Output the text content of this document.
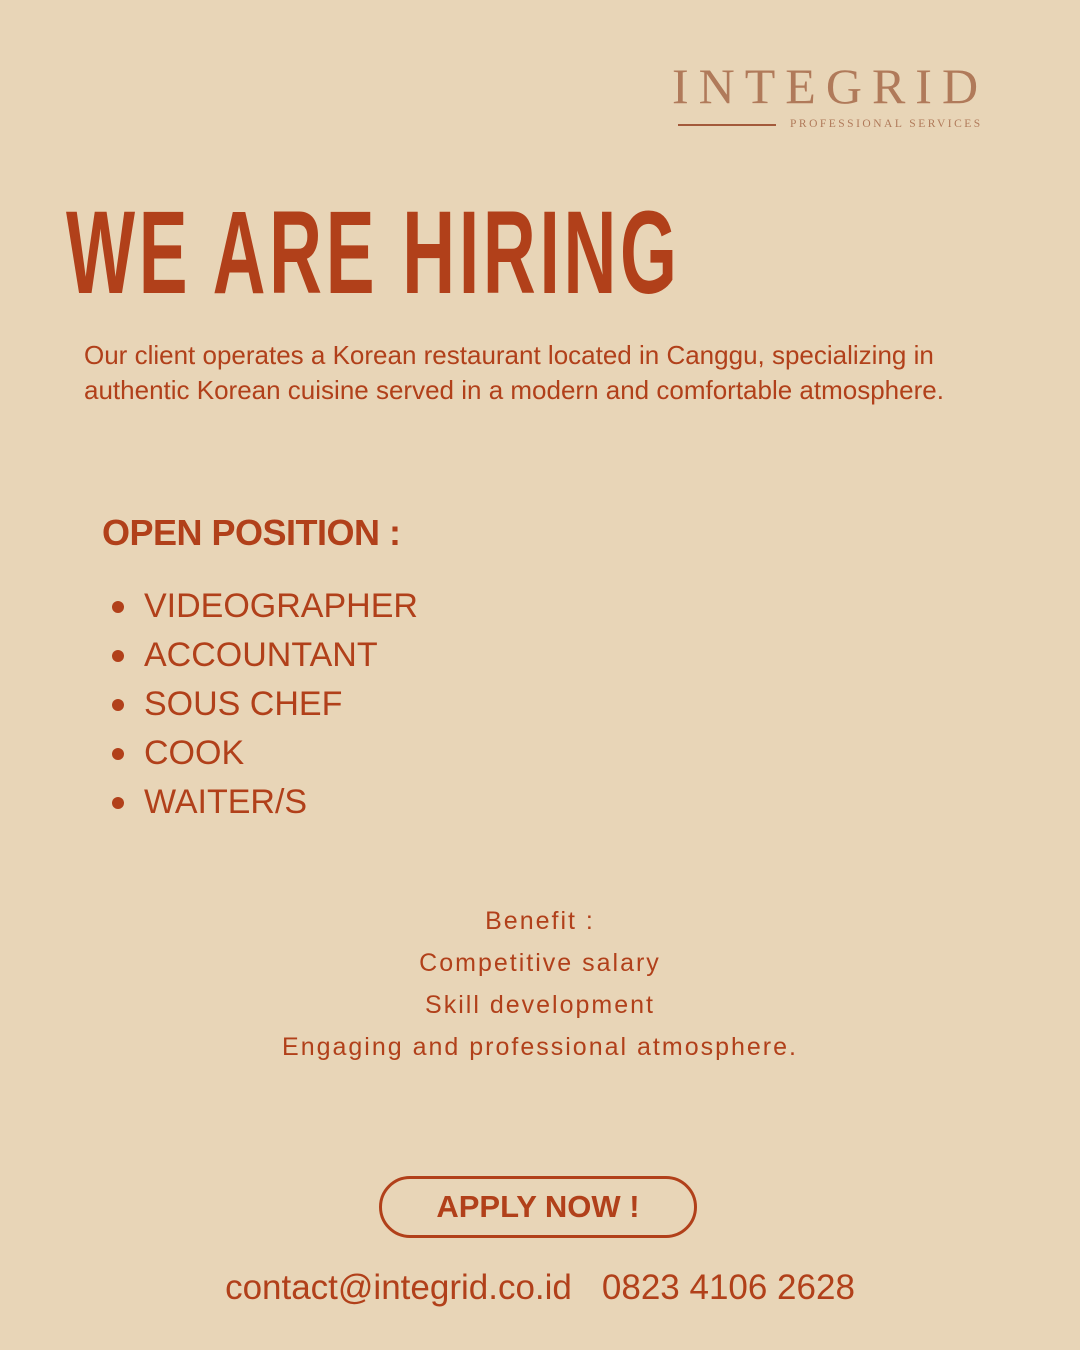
INTEGRID
PROFESSIONAL SERVICES
WE ARE HIRING
Our client operates a Korean restaurant located in Canggu, specializing in authentic Korean cuisine served in a modern and comfortable atmosphere.
OPEN POSITION :
VIDEOGRAPHER
ACCOUNTANT
SOUS CHEF
COOK
WAITER/S
Benefit :
Competitive salary
Skill development
Engaging and professional atmosphere.
APPLY NOW !
contact@integrid.co.id 0823 4106 2628
